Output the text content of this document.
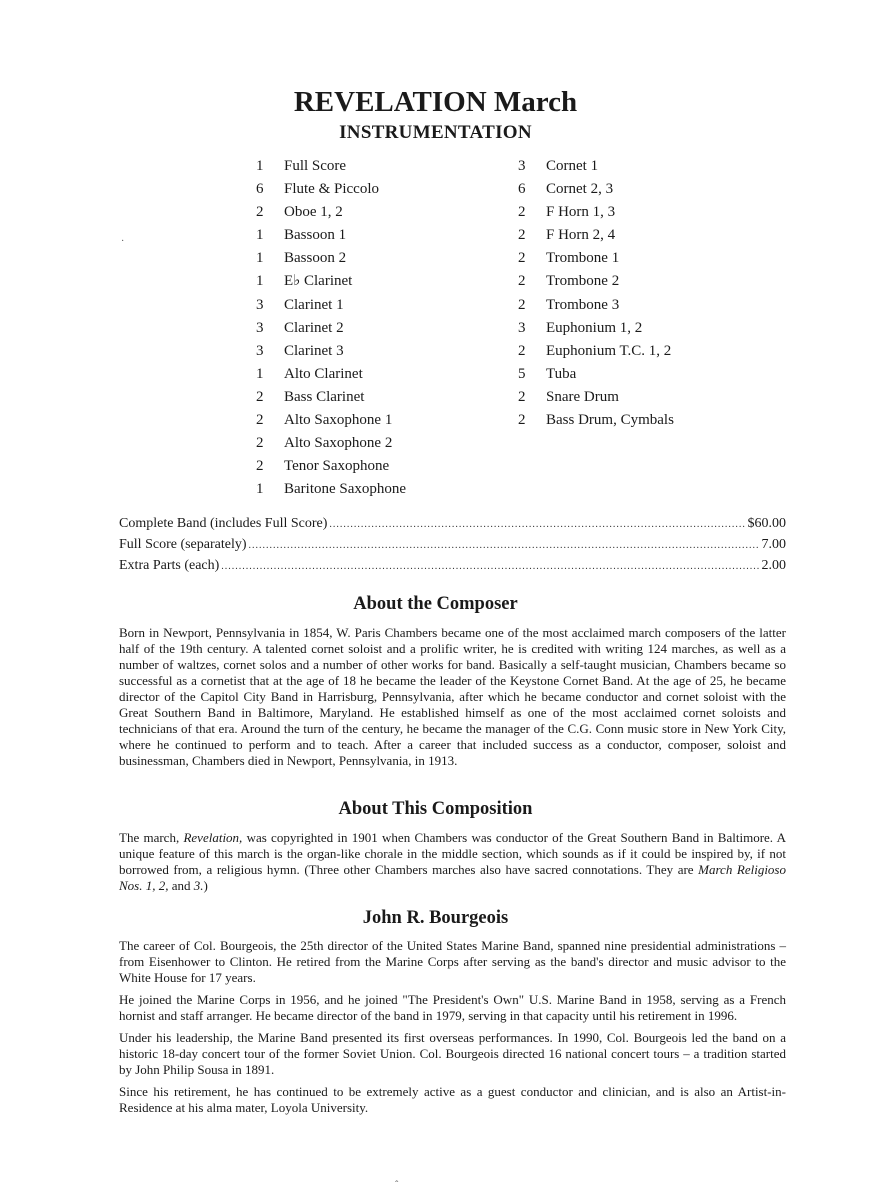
REVELATION March
INSTRUMENTATION
1 Full Score
6 Flute & Piccolo
2 Oboe 1, 2
1 Bassoon 1
1 Bassoon 2
1 E♭ Clarinet
3 Clarinet 1
3 Clarinet 2
3 Clarinet 3
1 Alto Clarinet
2 Bass Clarinet
2 Alto Saxophone 1
2 Alto Saxophone 2
2 Tenor Saxophone
1 Baritone Saxophone
3 Cornet 1
6 Cornet 2, 3
2 F Horn 1, 3
2 F Horn 2, 4
2 Trombone 1
2 Trombone 2
2 Trombone 3
3 Euphonium 1, 2
2 Euphonium T.C. 1, 2
5 Tuba
2 Snare Drum
2 Bass Drum, Cymbals
Complete Band (includes Full Score) .....	$60.00
Full Score (separately) .....	7.00
Extra Parts (each) .....	2.00
About the Composer

Born in Newport, Pennsylvania in 1854, W. Paris Chambers became one of the most acclaimed march composers of the latter half of the 19th century. A talented cornet soloist and a prolific writer, he is credited with writing 124 marches, as well as a number of waltzes, cornet solos and a number of other works for band. Basically a self-taught musician, Chambers became so successful as a cornetist that at the age of 18 he became the leader of the Keystone Cornet Band. At the age of 25, he became director of the Capitol City Band in Harrisburg, Pennsylvania, after which he became conductor and cornet soloist with the Great Southern Band in Baltimore, Maryland. He established himself as one of the most acclaimed cornet soloists and technicians of that era. Around the turn of the century, he became the manager of the C.G. Conn music store in New York City, where he continued to perform and to teach. After a career that included success as a conductor, composer, soloist and businessman, Chambers died in Newport, Pennsylvania, in 1913.

About This Composition

The march, Revelation, was copyrighted in 1901 when Chambers was conductor of the Great Southern Band in Baltimore. A unique feature of this march is the organ-like chorale in the middle section, which sounds as if it could be inspired by, if not borrowed from, a religious hymn. (Three other Chambers marches also have sacred connotations. They are March Religioso Nos. 1, 2, and 3.)

John R. Bourgeois

The career of Col. Bourgeois, the 25th director of the United States Marine Band, spanned nine presidential administrations – from Eisenhower to Clinton. He retired from the Marine Corps after serving as the band's director and music advisor to the White House for 17 years.

He joined the Marine Corps in 1956, and he joined "The President's Own" U.S. Marine Band in 1958, serving as a French hornist and staff arranger. He became director of the band in 1979, serving in that capacity until his retirement in 1996.

Under his leadership, the Marine Band presented its first overseas performances. In 1990, Col. Bourgeois led the band on a historic 18-day concert tour of the former Soviet Union. Col. Bourgeois directed 16 national concert tours – a tradition started by John Philip Sousa in 1891.

Since his retirement, he has continued to be extremely active as a guest conductor and clinician, and is also an Artist-in-Residence at his alma mater, Loyola University.

·
ˆ
